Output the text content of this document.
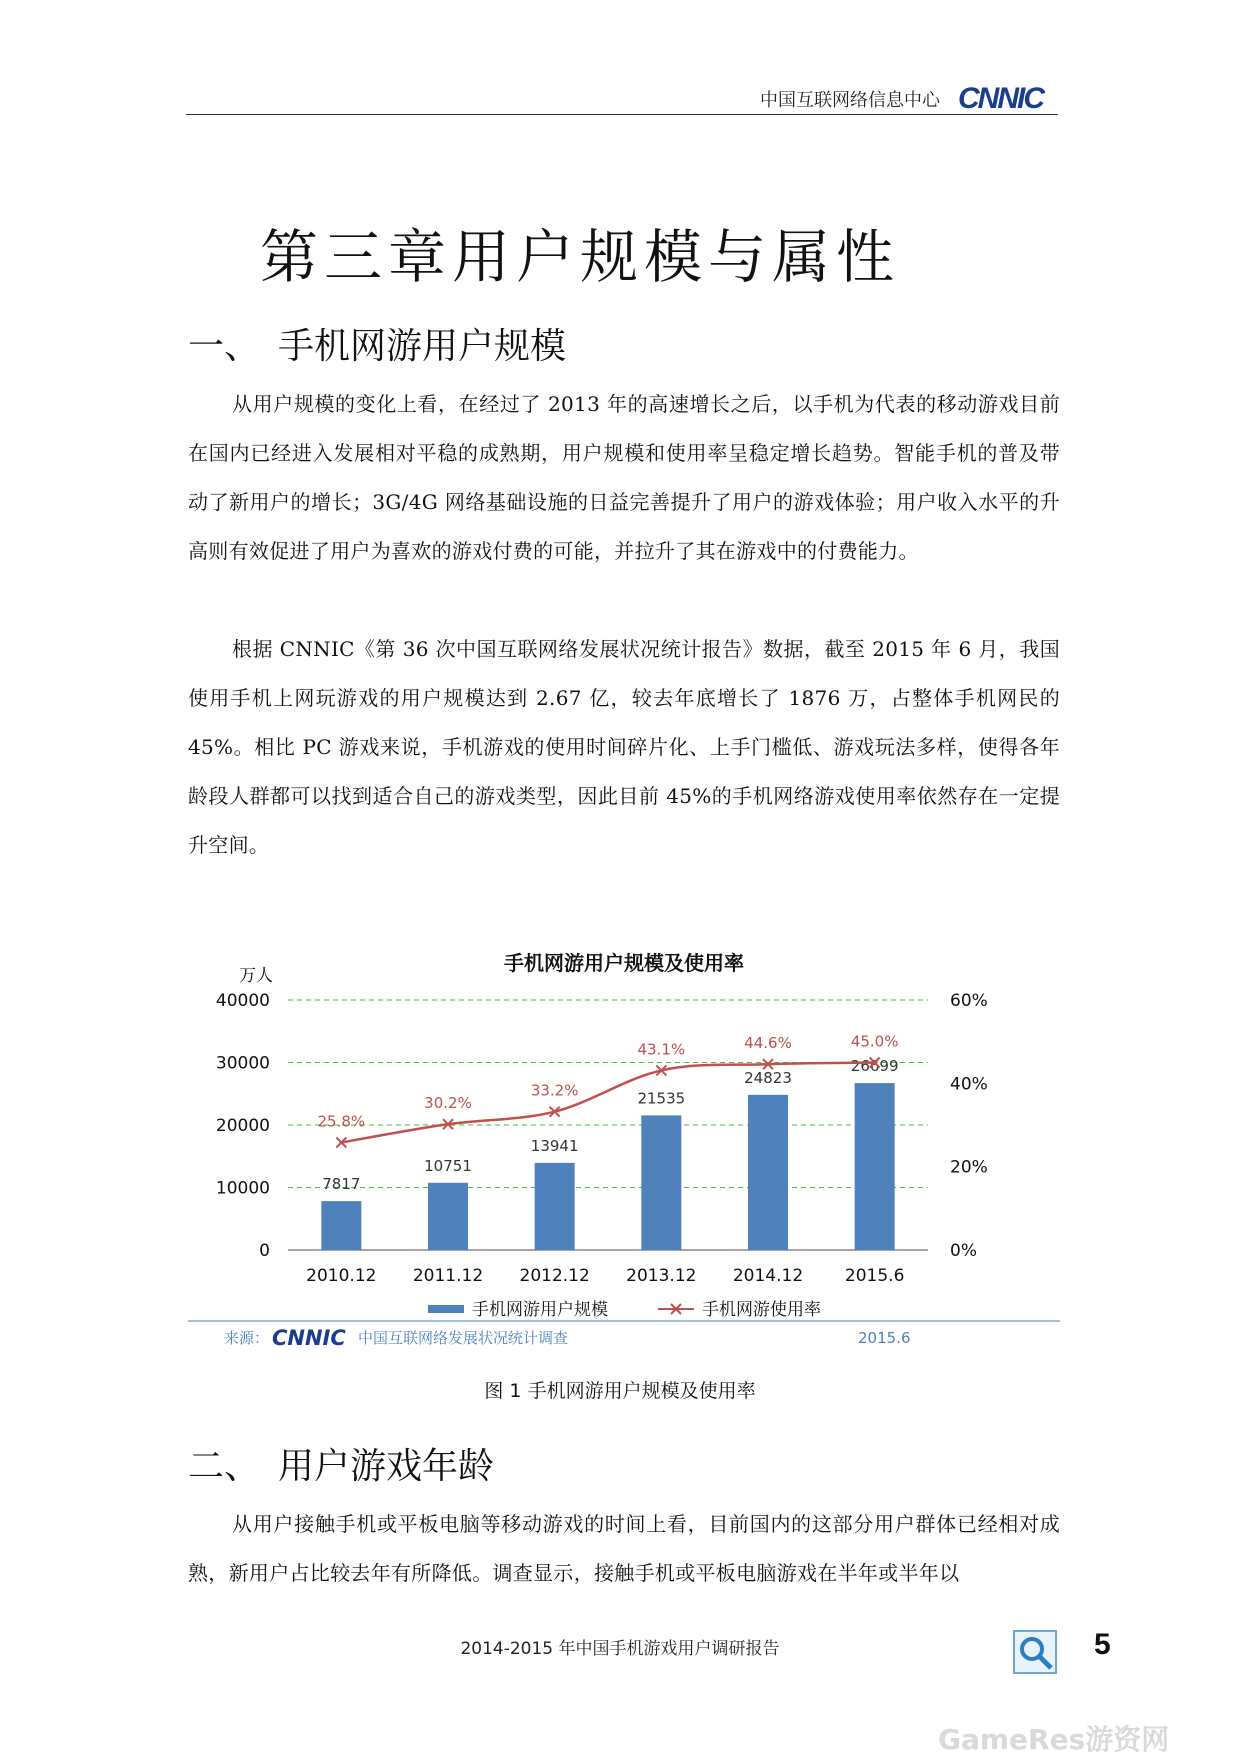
中国互联网络信息中心 CNNIC
第三章用户规模与属性
一、 手机网游用户规模
从用户规模的变化上看，在经过了 2013 年的高速增长之后，以手机为代表的移动游戏目前在国内已经进入发展相对平稳的成熟期，用户规模和使用率呈稳定增长趋势。智能手机的普及带动了新用户的增长；3G/4G 网络基础设施的日益完善提升了用户的游戏体验；用户收入水平的升高则有效促进了用户为喜欢的游戏付费的可能，并拉升了其在游戏中的付费能力。
根据 CNNIC《第 36 次中国互联网络发展状况统计报告》数据，截至 2015 年 6 月，我国使用手机上网玩游戏的用户规模达到 2.67 亿，较去年底增长了 1876 万，占整体手机网民的 45%。相比 PC 游戏来说，手机游戏的使用时间碎片化、上手门槛低、游戏玩法多样，使得各年龄段人群都可以找到适合自己的游戏类型，因此目前 45%的手机网络游戏使用率依然存在一定提升空间。
手机网游用户规模及使用率
万人
0
10000
20000
30000
40000
0%
20%
40%
60%
7817
10751
13941
21535
24823
26699
25.8%
30.2%
33.2%
43.1%	44.6%	45.0%
2010.12 2011.12 2012.12 2013.12 2014.12 2015.6
手机网游用户规模	手机网游使用率
来源： CNNIC 中国互联网络发展状况统计调查	2015.6
图 1 手机网游用户规模及使用率
二、 用户游戏年龄
从用户接触手机或平板电脑等移动游戏的时间上看，目前国内的这部分用户群体已经相对成熟，新用户占比较去年有所降低。调查显示，接触手机或平板电脑游戏在半年或半年以
2014-2015 年中国手机游戏用户调研报告	5
GameRes游资网
